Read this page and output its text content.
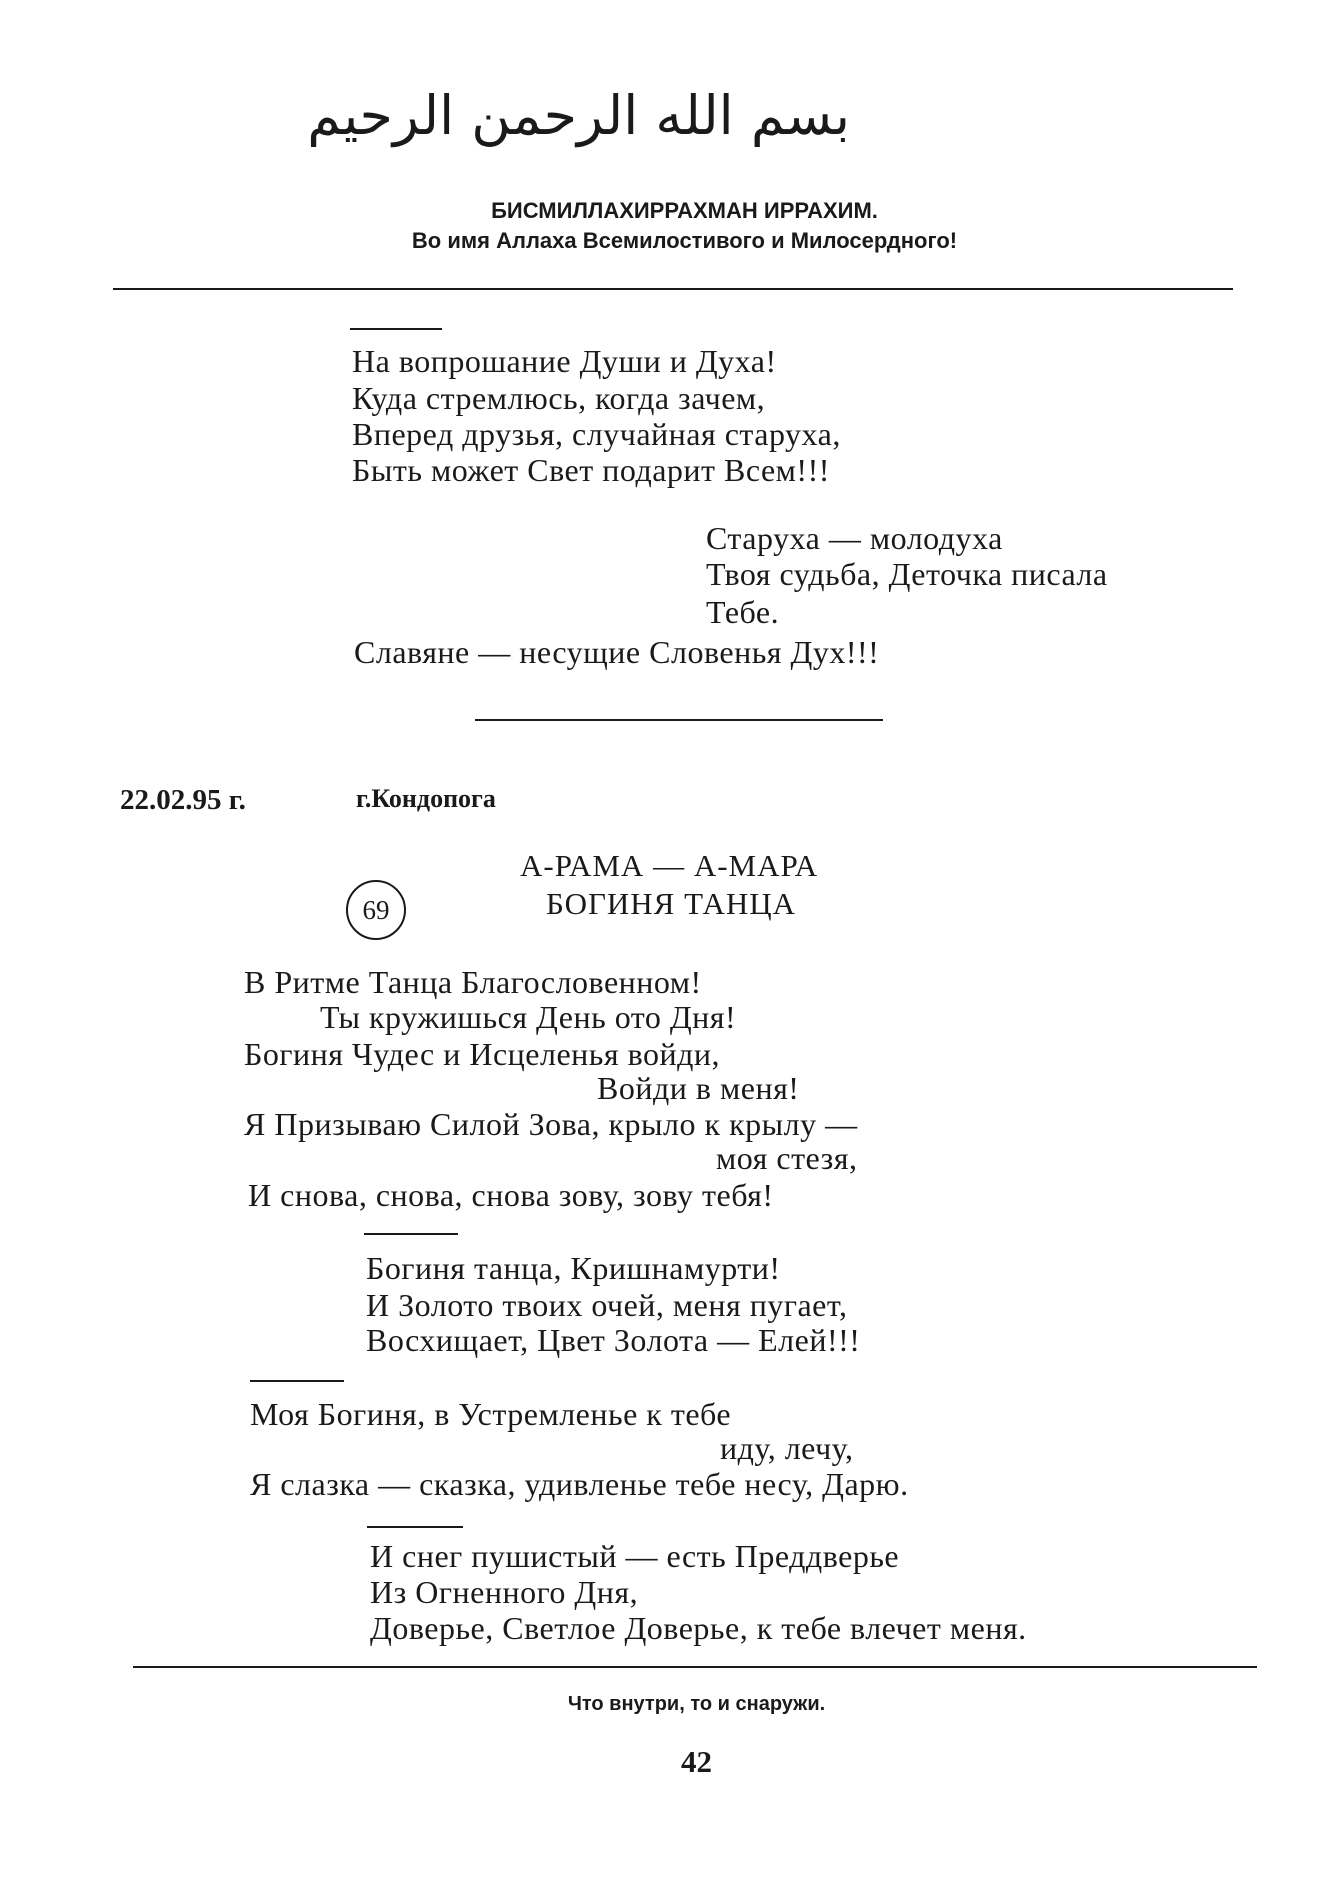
بسم الله الرحمن الرحيم
БИСМИЛЛАХИРРАХМАН ИРРАХИМ.
Во имя Аллаха Всемилостивого и Милосердного!
На вопрошание Души и Духа!
Куда стремлюсь, когда зачем,
Вперед друзья, случайная старуха,
Быть может Свет подарит Всем!!!
Старуха — молодуха
Твоя судьба, Деточка писала
Тебе.
Славяне — несущие Словенья Дух!!!
22.02.95 г.	г.Кондопога
А-РАМА — А-МАРА
69	БОГИНЯ ТАНЦА
В Ритме Танца Благословенном!
Ты кружишься День ото Дня!
Богиня Чудес и Исцеленья войди,
Войди в меня!
Я Призываю Силой Зова, крыло к крылу —
моя стезя,
И снова, снова, снова зову, зову тебя!
Богиня танца, Кришнамурти!
И Золото твоих очей, меня пугает,
Восхищает, Цвет Золота — Елей!!!
Моя Богиня, в Устремленье к тебе
иду, лечу,
Я слазка — сказка, удивленье тебе несу, Дарю.
И снег пушистый — есть Преддверье
Из Огненного Дня,
Доверье, Светлое Доверье, к тебе влечет меня.
Что внутри, то и снаружи.
42
